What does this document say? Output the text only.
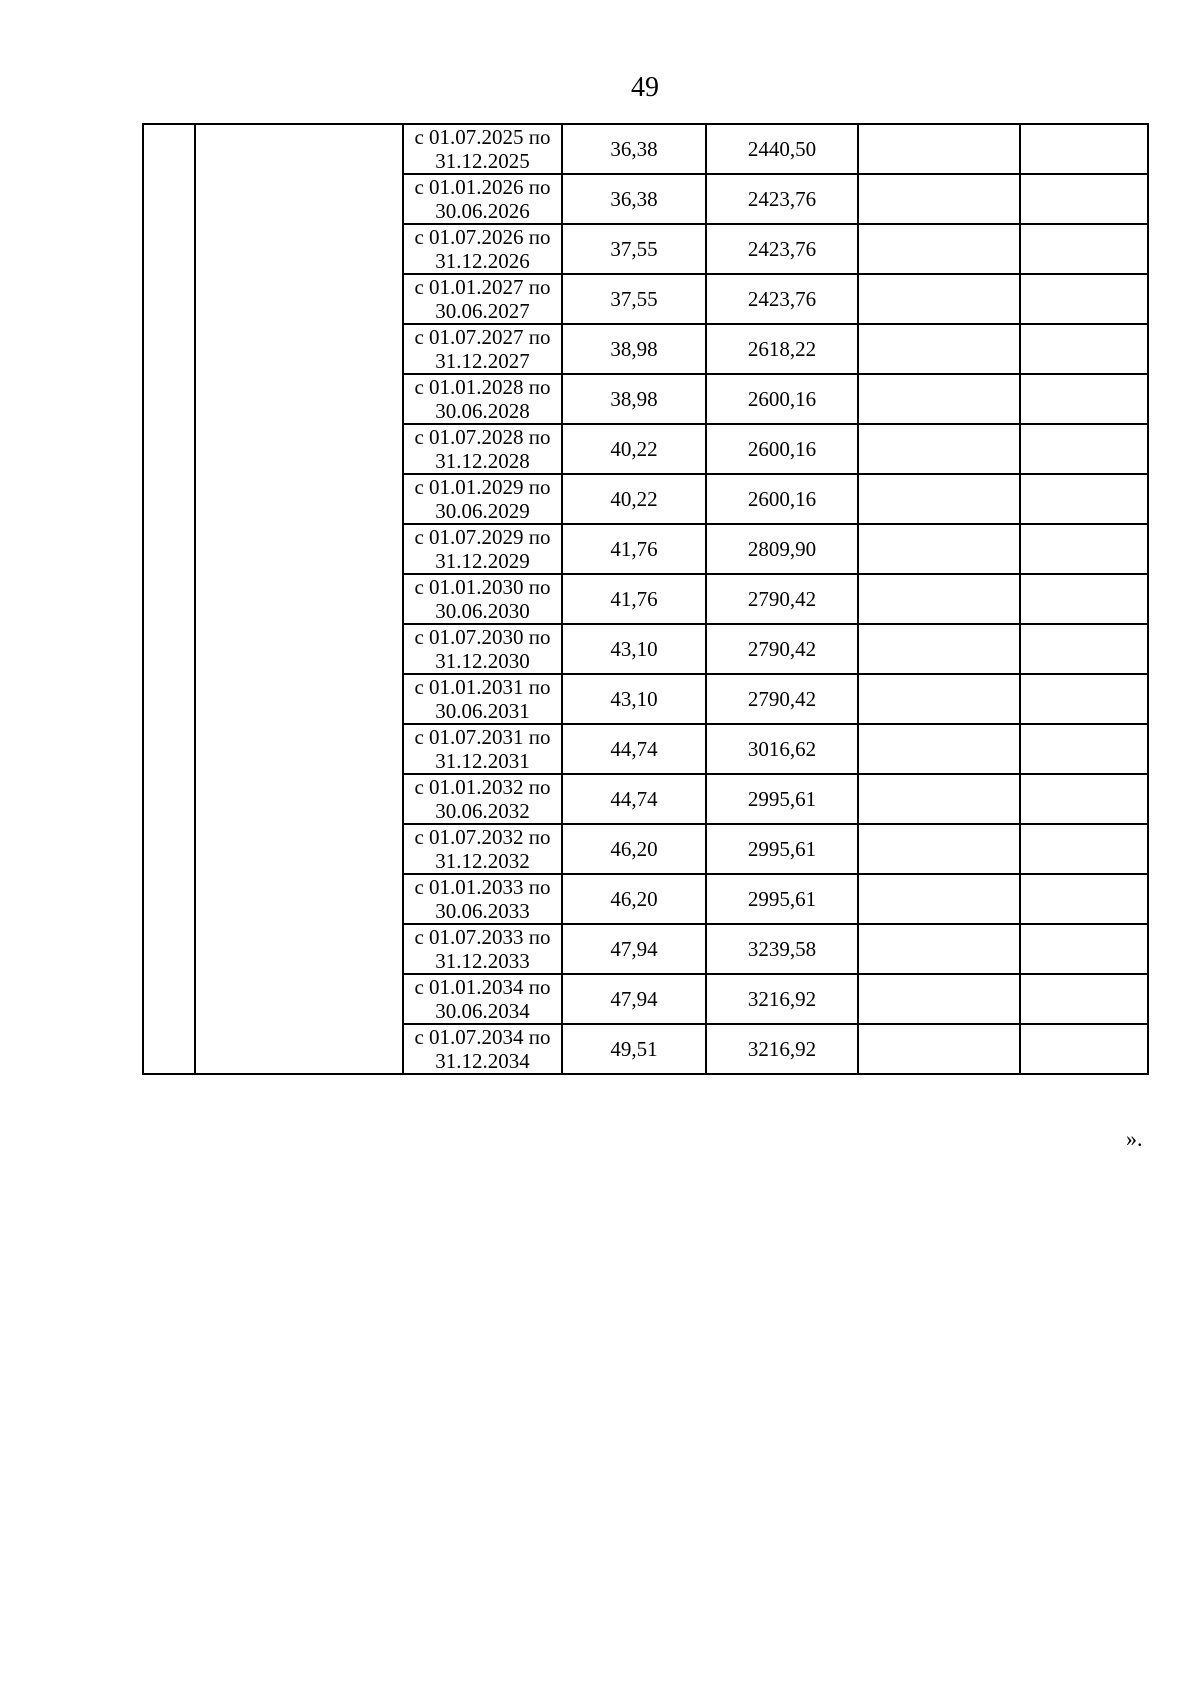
49

		с 01.07.2025 по
31.12.2025	36,38	2440,50		

		с 01.01.2026 по
30.06.2026	36,38	2423,76		

		с 01.07.2026 по
31.12.2026	37,55	2423,76		

		с 01.01.2027 по
30.06.2027	37,55	2423,76		

		с 01.07.2027 по
31.12.2027	38,98	2618,22		

		с 01.01.2028 по
30.06.2028	38,98	2600,16		

		с 01.07.2028 по
31.12.2028	40,22	2600,16		

		с 01.01.2029 по
30.06.2029	40,22	2600,16		

		с 01.07.2029 по
31.12.2029	41,76	2809,90		

		с 01.01.2030 по
30.06.2030	41,76	2790,42		

		с 01.07.2030 по
31.12.2030	43,10	2790,42		

		с 01.01.2031 по
30.06.2031	43,10	2790,42		

		с 01.07.2031 по
31.12.2031	44,74	3016,62		

		с 01.01.2032 по
30.06.2032	44,74	2995,61		

		с 01.07.2032 по
31.12.2032	46,20	2995,61		

		с 01.01.2033 по
30.06.2033	46,20	2995,61		

		с 01.07.2033 по
31.12.2033	47,94	3239,58		

		с 01.01.2034 по
30.06.2034	47,94	3216,92		

		с 01.07.2034 по
31.12.2034	49,51	3216,92		
».
